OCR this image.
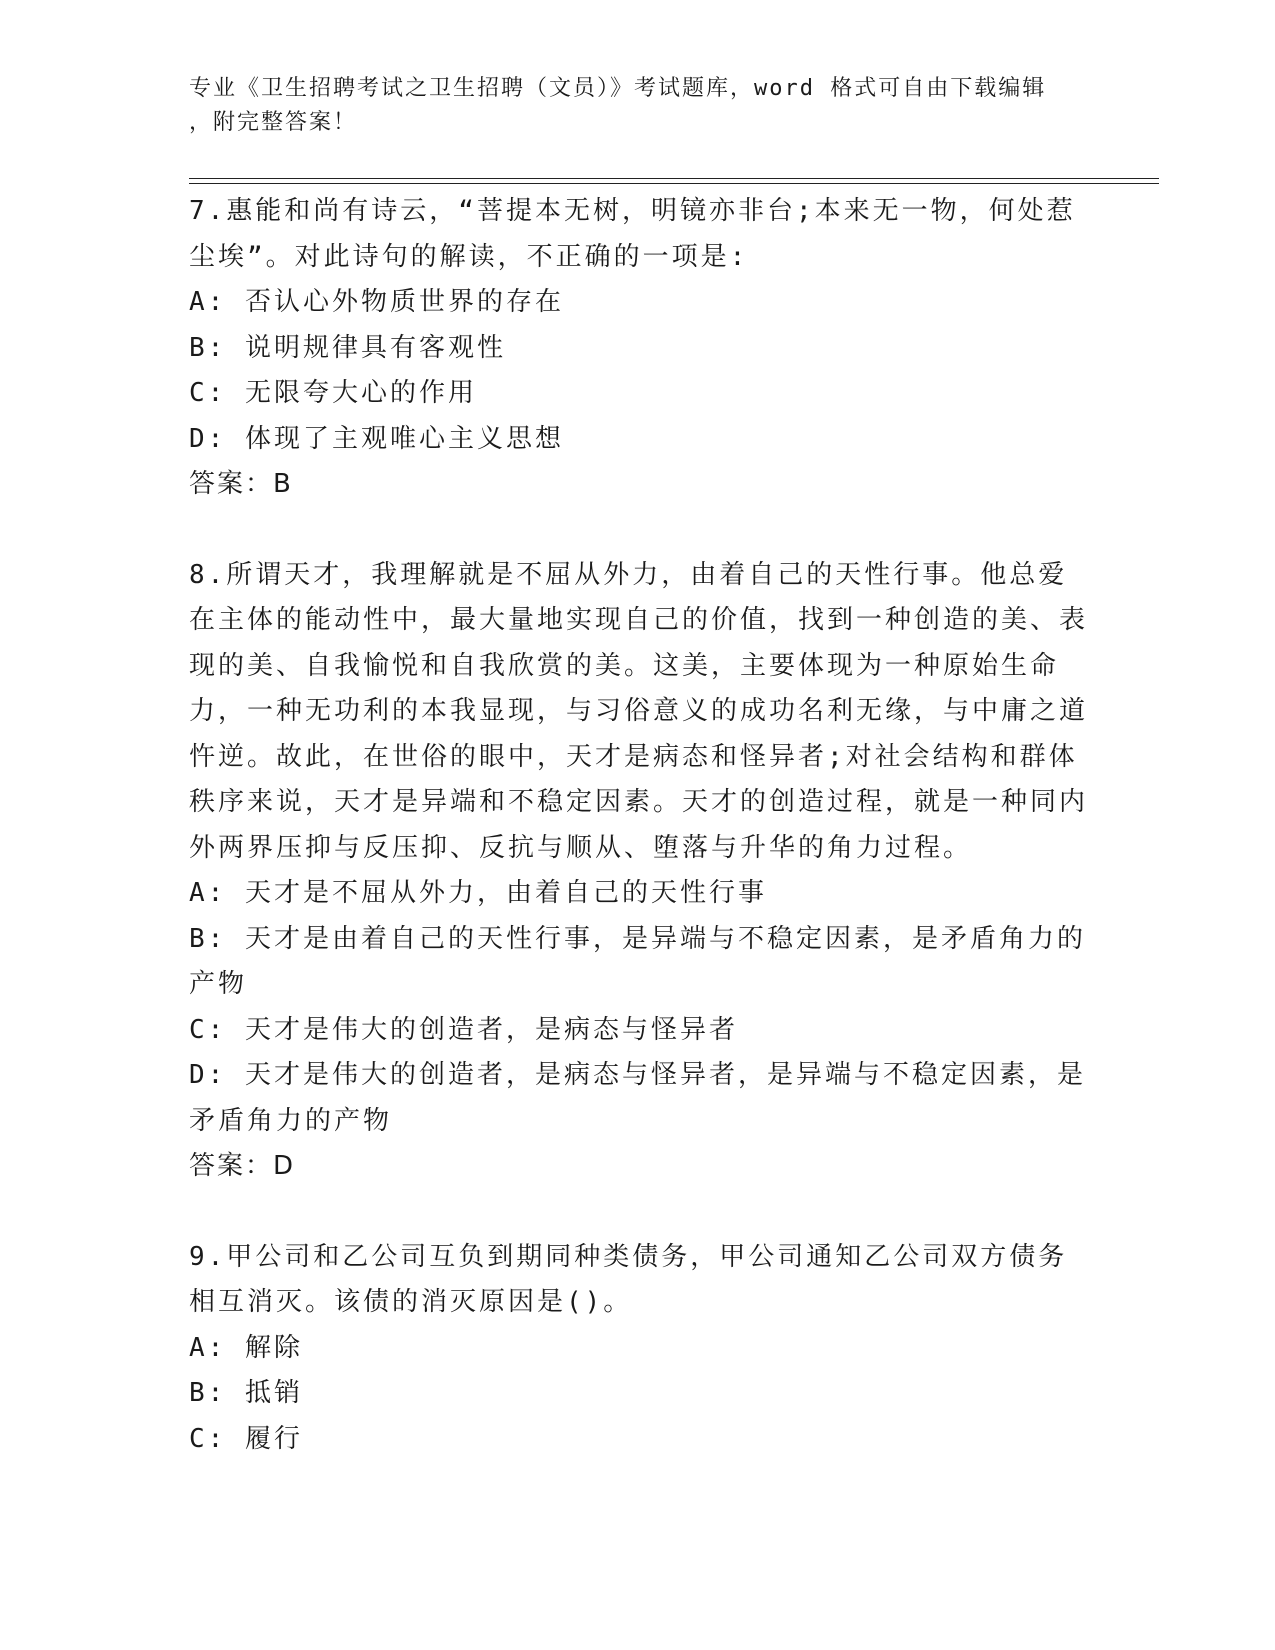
专业《卫生招聘考试之卫生招聘（文员）》考试题库，word 格式可自由下载编辑
，附完整答案！
7.惠能和尚有诗云，“菩提本无树，明镜亦非台;本来无一物，何处惹尘埃”。对此诗句的解读，不正确的一项是:
A: 否认心外物质世界的存在
B: 说明规律具有客观性
C: 无限夸大心的作用
D: 体现了主观唯心主义思想
答案：B
8.所谓天才，我理解就是不屈从外力，由着自己的天性行事。他总爱在主体的能动性中，最大量地实现自己的价值，找到一种创造的美、表现的美、自我愉悦和自我欣赏的美。这美，主要体现为一种原始生命力，一种无功利的本我显现，与习俗意义的成功名利无缘，与中庸之道忤逆。故此，在世俗的眼中，天才是病态和怪异者;对社会结构和群体秩序来说，天才是异端和不稳定因素。天才的创造过程，就是一种同内外两界压抑与反压抑、反抗与顺从、堕落与升华的角力过程。
A: 天才是不屈从外力，由着自己的天性行事
B: 天才是由着自己的天性行事，是异端与不稳定因素，是矛盾角力的产物
C: 天才是伟大的创造者，是病态与怪异者
D: 天才是伟大的创造者，是病态与怪异者，是异端与不稳定因素，是矛盾角力的产物
答案：D
9.甲公司和乙公司互负到期同种类债务，甲公司通知乙公司双方债务相互消灭。该债的消灭原因是()。
A: 解除
B: 抵销
C: 履行
